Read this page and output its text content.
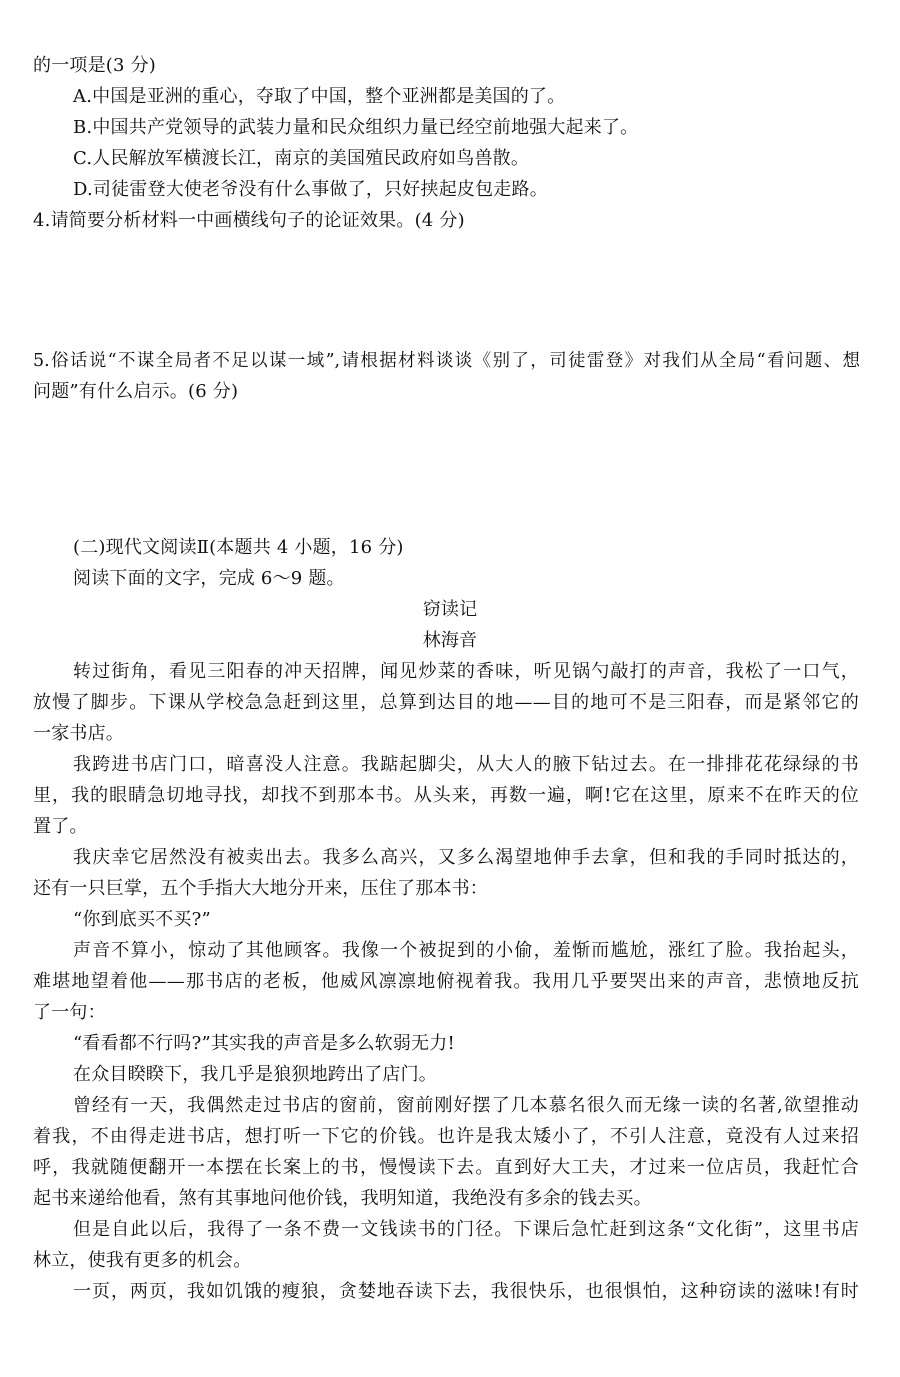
的一项是(3 分)
A.中国是亚洲的重心，夺取了中国，整个亚洲都是美国的了。
B.中国共产党领导的武装力量和民众组织力量已经空前地强大起来了。
C.人民解放军横渡长江，南京的美国殖民政府如鸟兽散。
D.司徒雷登大使老爷没有什么事做了，只好挟起皮包走路。
4.请简要分析材料一中画横线句子的论证效果。(4 分)
5.俗话说“不谋全局者不足以谋一域”,请根据材料谈谈《别了，司徒雷登》对我们从全局“看问题、想
问题”有什么启示。(6 分)
(二)现代文阅读Ⅱ(本题共 4 小题，16 分)
阅读下面的文字，完成 6～9 题。
窃读记
林海音
转过街角，看见三阳春的冲天招牌，闻见炒菜的香味，听见锅勺敲打的声音，我松了一口气，
放慢了脚步。下课从学校急急赶到这里，总算到达目的地——目的地可不是三阳春，而是紧邻它的
一家书店。
我跨进书店门口，暗喜没人注意。我踮起脚尖，从大人的腋下钻过去。在一排排花花绿绿的书
里，我的眼睛急切地寻找，却找不到那本书。从头来，再数一遍，啊!它在这里，原来不在昨天的位
置了。
我庆幸它居然没有被卖出去。我多么高兴，又多么渴望地伸手去拿，但和我的手同时抵达的，
还有一只巨掌，五个手指大大地分开来，压住了那本书：
“你到底买不买?”
声音不算小，惊动了其他顾客。我像一个被捉到的小偷，羞惭而尴尬，涨红了脸。我抬起头，
难堪地望着他——那书店的老板，他威风凛凛地俯视着我。我用几乎要哭出来的声音，悲愤地反抗
了一句：
“看看都不行吗?”其实我的声音是多么软弱无力!
在众目睽睽下，我几乎是狼狈地跨出了店门。
曾经有一天，我偶然走过书店的窗前，窗前刚好摆了几本慕名很久而无缘一读的名著,欲望推动
着我，不由得走进书店，想打听一下它的价钱。也许是我太矮小了，不引人注意，竟没有人过来招
呼，我就随便翻开一本摆在长案上的书，慢慢读下去。直到好大工夫，才过来一位店员，我赶忙合
起书来递给他看，煞有其事地问他价钱，我明知道，我绝没有多余的钱去买。
但是自此以后，我得了一条不费一文钱读书的门径。下课后急忙赶到这条“文化街”，这里书店
林立，使我有更多的机会。
一页，两页，我如饥饿的瘦狼，贪婪地吞读下去，我很快乐，也很惧怕，这种窃读的滋味!有时
